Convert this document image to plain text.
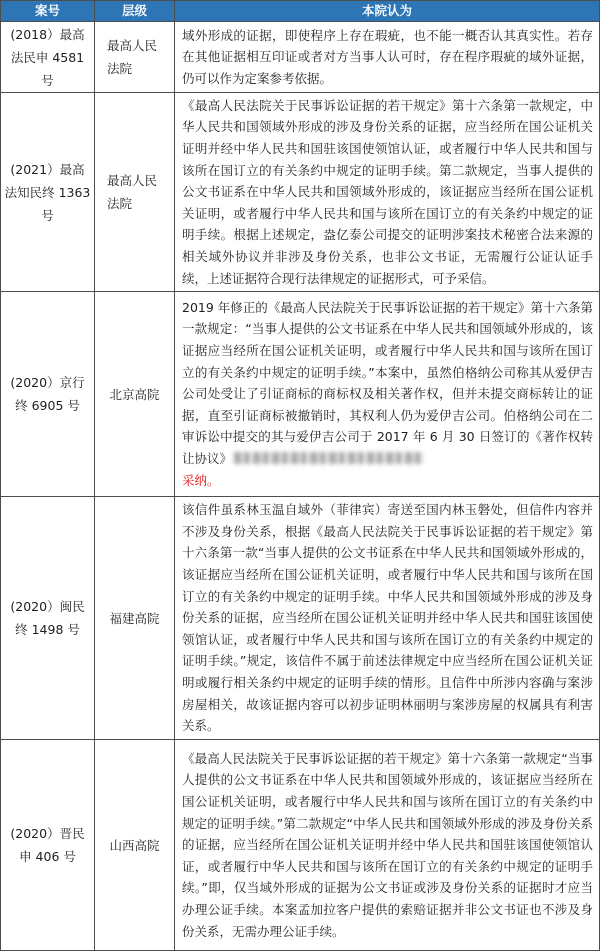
案号	层级	本院认为
(2018）最高
法民申 4581
号
最高人民法院
域外形成的证据，即使程序上存在瑕疵，也不能一概否认其真实性。若存在其他证据相互印证或者对方当事人认可时，存在程序瑕疵的域外证据，仍可以作为定案参考依据。
(2021）最高
法知民终 1363
号
最高人民法院
《最高人民法院关于民事诉讼证据的若干规定》第十六条第一款规定，中华人民共和国领域外形成的涉及身份关系的证据，应当经所在国公证机关证明并经中华人民共和国驻该国使领馆认证，或者履行中华人民共和国与该所在国订立的有关条约中规定的证明手续。第二款规定，当事人提供的公文书证系在中华人民共和国领域外形成的，该证据应当经所在国公证机关证明，或者履行中华人民共和国与该所在国订立的有关条约中规定的证明手续。根据上述规定，盎亿泰公司提交的证明涉案技术秘密合法来源的相关域外协议并非涉及身份关系，也非公文书证，无需履行公证认证手续，上述证据符合现行法律规定的证据形式，可予采信。
(2020）京行
终 6905 号
北京高院
2019 年修正的《最高人民法院关于民事诉讼证据的若干规定》第十六条第一款规定：“当事人提供的公文书证系在中华人民共和国领域外形成的，该证据应当经所在国公证机关证明，或者履行中华人民共和国与该所在国订立的有关条约中规定的证明手续。”本案中，虽然伯格纳公司称其从爱伊吉公司处受让了引证商标的商标权及相关著作权，但并未提交商标转让的证据，直至引证商标被撤销时，其权利人仍为爱伊吉公司。伯格纳公司在二审诉讼中提交的其与爱伊吉公司于 2017 年 6 月 30 日签订的《著作权转让协议》
采纳。
(2020）闽民
终 1498 号
福建高院
该信件虽系林玉温自域外（菲律宾）寄送至国内林玉磐处，但信件内容并不涉及身份关系，根据《最高人民法院关于民事诉讼证据的若干规定》第十六条第一款“当事人提供的公文书证系在中华人民共和国领域外形成的，该证据应当经所在国公证机关证明，或者履行中华人民共和国与该所在国订立的有关条约中规定的证明手续。中华人民共和国领域外形成的涉及身份关系的证据，应当经所在国公证机关证明并经中华人民共和国驻该国使领馆认证，或者履行中华人民共和国与该所在国订立的有关条约中规定的证明手续。”规定，该信件不属于前述法律规定中应当经所在国公证机关证明或履行相关条约中规定的证明手续的情形。且信件中所涉内容确与案涉房屋相关，故该证据内容可以初步证明林丽明与案涉房屋的权属具有利害关系。
(2020）晋民
申 406 号
山西高院
《最高人民法院关于民事诉讼证据的若干规定》第十六条第一款规定“当事人提供的公文书证系在中华人民共和国领域外形成的，该证据应当经所在国公证机关证明，或者履行中华人民共和国与该所在国订立的有关条约中规定的证明手续。”第二款规定“中华人民共和国领域外形成的涉及身份关系的证据，应当经所在国公证机关证明并经中华人民共和国驻该国使领馆认证，或者履行中华人民共和国与该所在国订立的有关条约中规定的证明手续。”即，仅当域外形成的证据为公文书证或涉及身份关系的证据时才应当办理公证手续。本案孟加拉客户提供的索赔证据并非公文书证也不涉及身份关系，无需办理公证手续。
